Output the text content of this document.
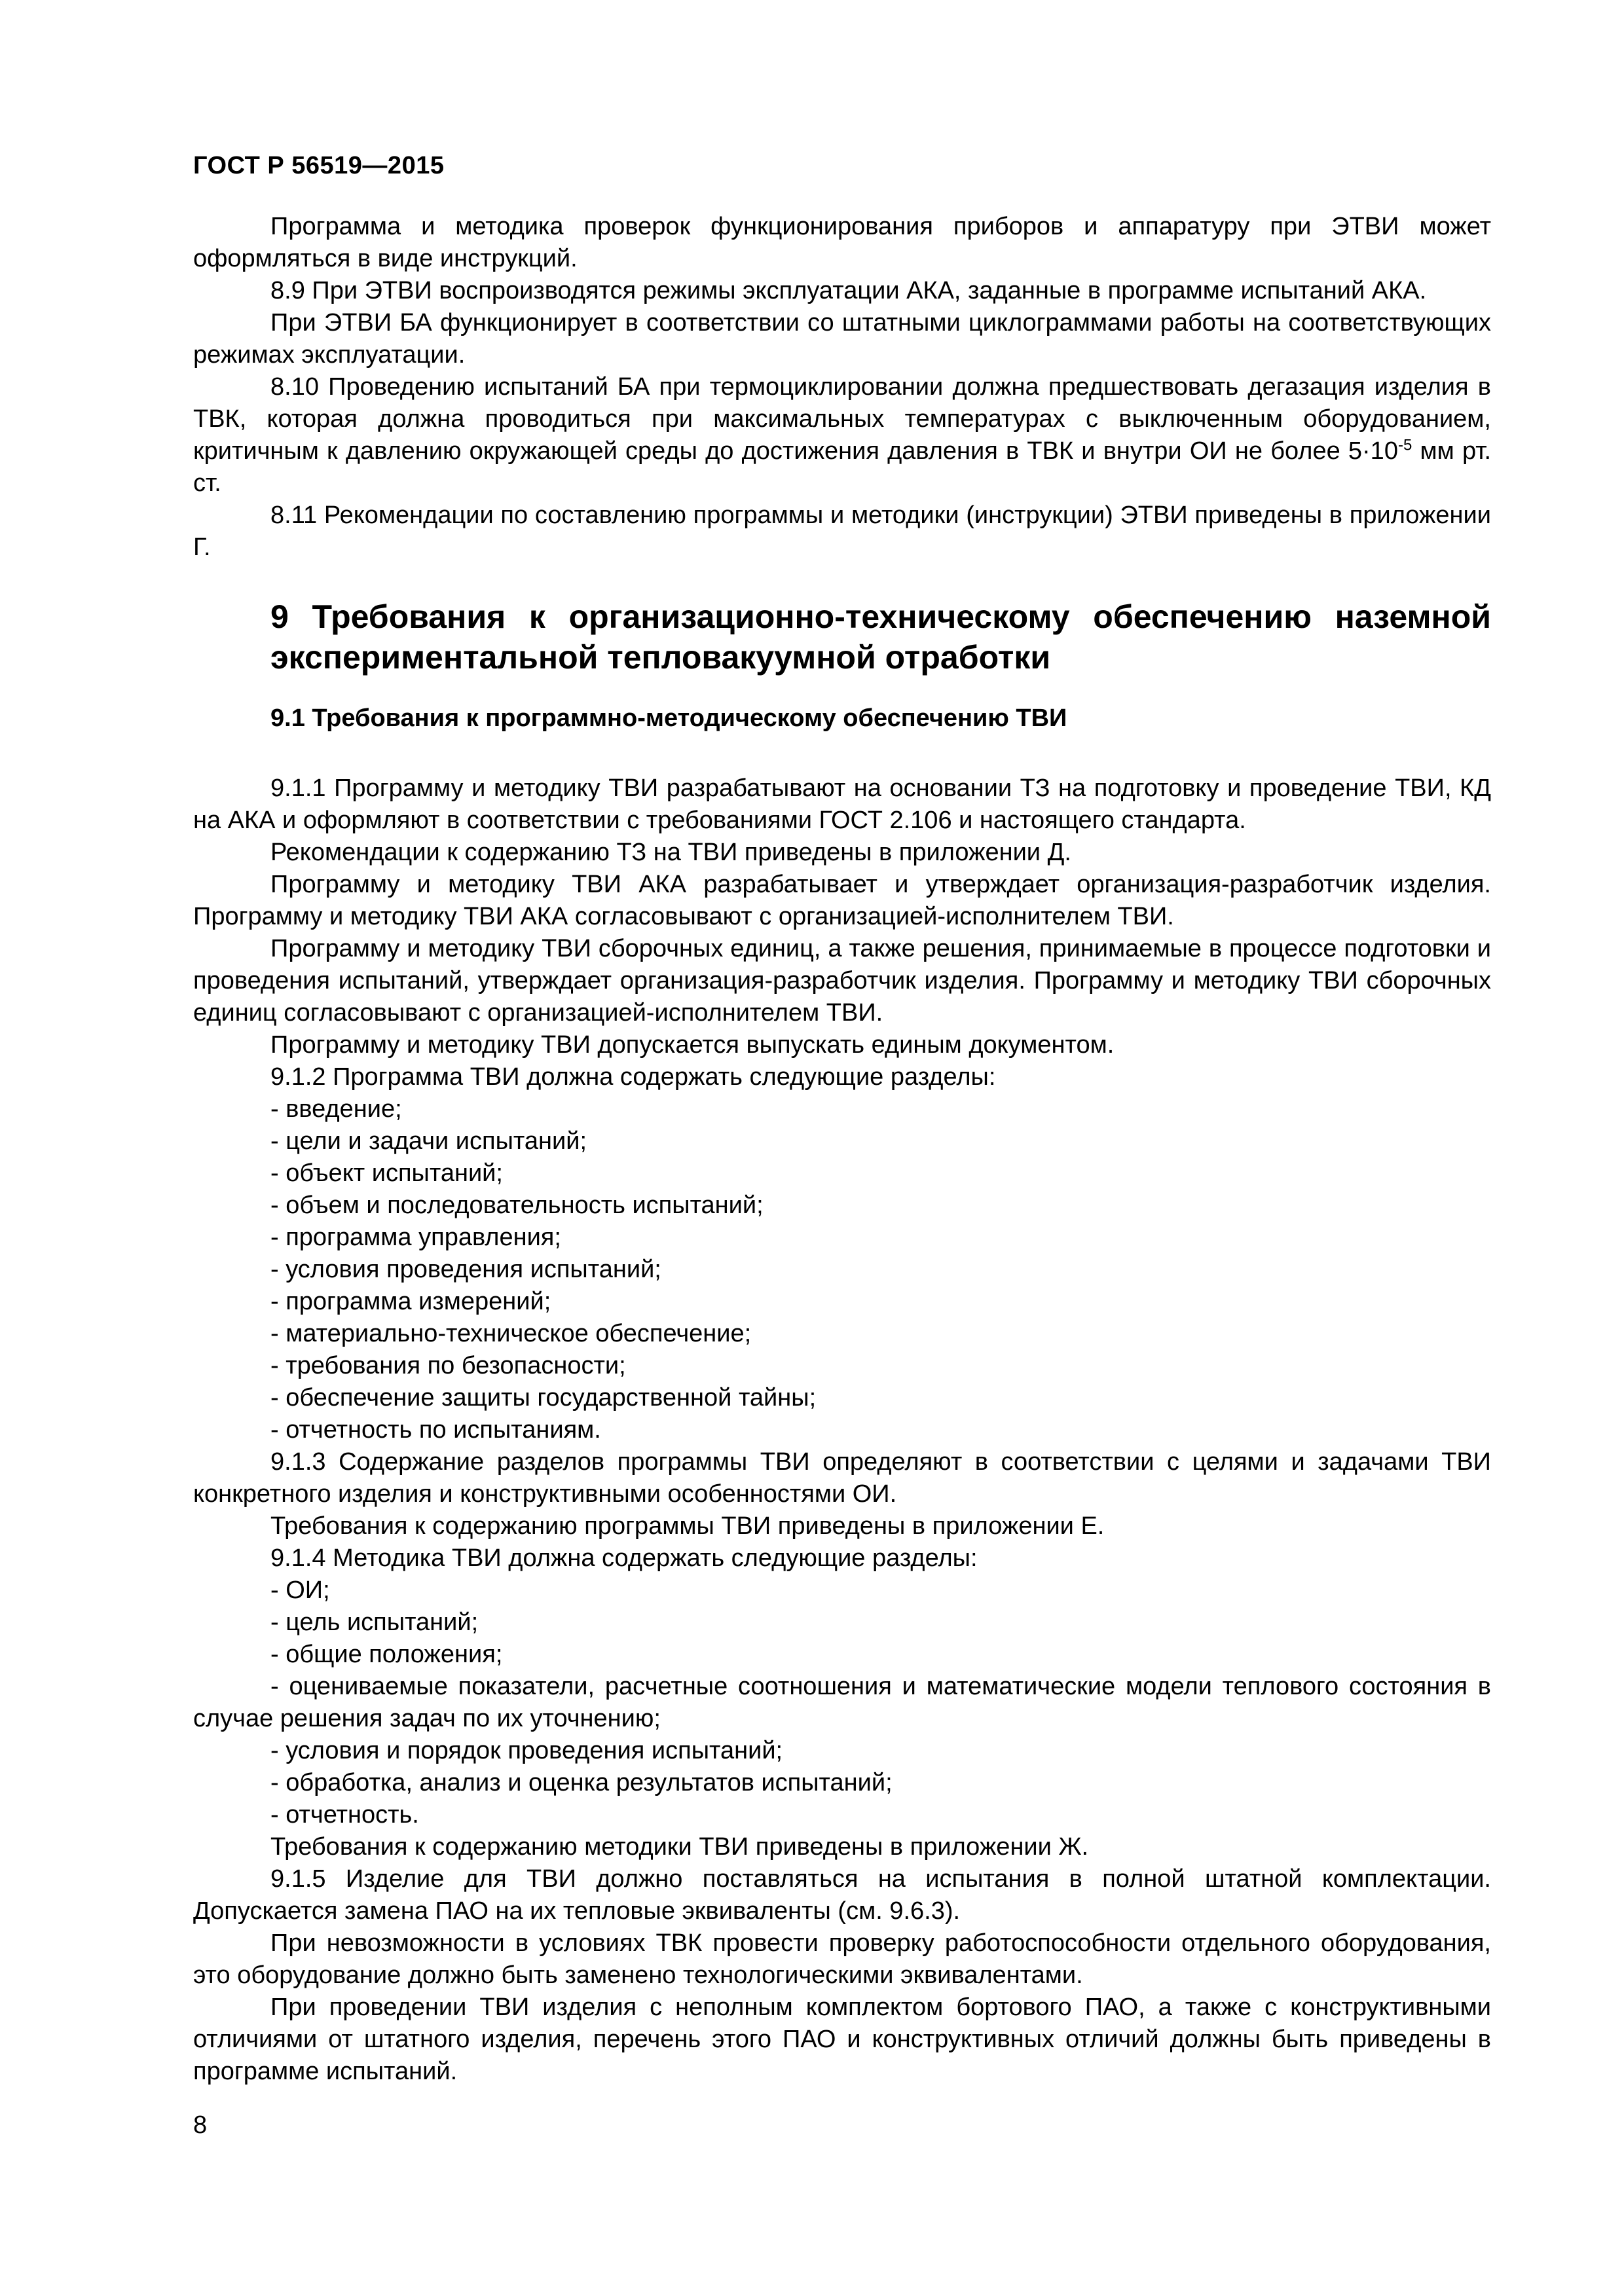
ГОСТ Р 56519—2015

Программа и методика проверок функционирования приборов и аппаратуру при ЭТВИ может оформляться в виде инструкций.

8.9 При ЭТВИ воспроизводятся режимы эксплуатации АКА, заданные в программе испытаний АКА.

При ЭТВИ БА функционирует в соответствии со штатными циклограммами работы на соответствующих режимах эксплуатации.

8.10 Проведению испытаний БА при термоциклировании должна предшествовать дегазация изделия в ТВК, которая должна проводиться при максимальных температурах с выключенным оборудованием, критичным к давлению окружающей среды до достижения давления в ТВК и внутри ОИ не более $5\cdot 10^{-5}$ мм рт. ст.

8.11 Рекомендации по составлению программы и методики (инструкции) ЭТВИ приведены в приложении Г.

9 Требования к организационно-техническому обеспечению наземной экспериментальной тепловакуумной отработки
9.1 Требования к программно-методическому обеспечению ТВИ

9.1.1 Программу и методику ТВИ разрабатывают на основании ТЗ на подготовку и проведение ТВИ, КД на АКА и оформляют в соответствии с требованиями ГОСТ 2.106 и настоящего стандарта.

Рекомендации к содержанию ТЗ на ТВИ приведены в приложении Д.

Программу и методику ТВИ АКА разрабатывает и утверждает организация-разработчик изделия. Программу и методику ТВИ АКА согласовывают с организацией-исполнителем ТВИ.

Программу и методику ТВИ сборочных единиц, а также решения, принимаемые в процессе подготовки и проведения испытаний, утверждает организация-разработчик изделия. Программу и методику ТВИ сборочных единиц согласовывают с организацией-исполнителем ТВИ.

Программу и методику ТВИ допускается выпускать единым документом.

9.1.2 Программа ТВИ должна содержать следующие разделы:

- введение;
- цели и задачи испытаний;
- объект испытаний;
- объем и последовательность испытаний;
- программа управления;
- условия проведения испытаний;
- программа измерений;
- материально-техническое обеспечение;
- требования по безопасности;
- обеспечение защиты государственной тайны;
- отчетность по испытаниям.

9.1.3 Содержание разделов программы ТВИ определяют в соответствии с целями и задачами ТВИ конкретного изделия и конструктивными особенностями ОИ.

Требования к содержанию программы ТВИ приведены в приложении Е.

9.1.4 Методика ТВИ должна содержать следующие разделы:

- ОИ;

- цель испытаний;

- общие положения;

- оцениваемые показатели, расчетные соотношения и математические модели теплового состояния в случае решения задач по их уточнению;

- условия и порядок проведения испытаний;

- обработка, анализ и оценка результатов испытаний;

- отчетность.

Требования к содержанию методики ТВИ приведены в приложении Ж.

9.1.5 Изделие для ТВИ должно поставляться на испытания в полной штатной комплектации. Допускается замена ПАО на их тепловые эквиваленты (см. 9.6.3).

При невозможности в условиях ТВК провести проверку работоспособности отдельного оборудования, это оборудование должно быть заменено технологическими эквивалентами.

При проведении ТВИ изделия с неполным комплектом бортового ПАО, а также с конструктивными отличиями от штатного изделия, перечень этого ПАО и конструктивных отличий должны быть приведены в программе испытаний.

8
